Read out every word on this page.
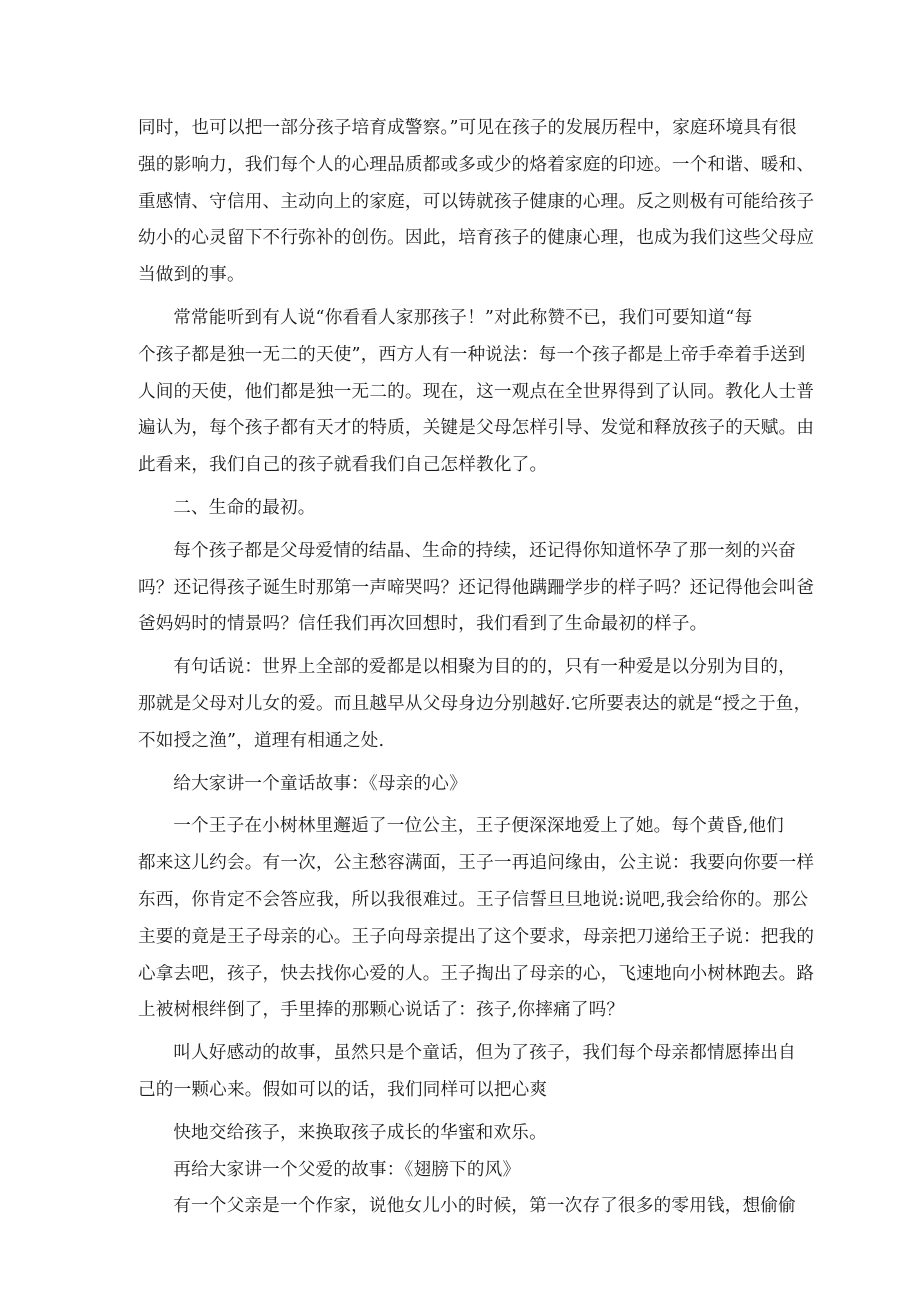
同时，也可以把一部分孩子培育成警察。”可见在孩子的发展历程中，家庭环境具有很
强的影响力，我们每个人的心理品质都或多或少的烙着家庭的印迹。一个和谐、暖和、
重感情、守信用、主动向上的家庭，可以铸就孩子健康的心理。反之则极有可能给孩子
幼小的心灵留下不行弥补的创伤。因此，培育孩子的健康心理，也成为我们这些父母应
当做到的事。
常常能听到有人说“你看看人家那孩子！”对此称赞不已，我们可要知道“每
个孩子都是独一无二的天使”，西方人有一种说法：每一个孩子都是上帝手牵着手送到
人间的天使，他们都是独一无二的。现在，这一观点在全世界得到了认同。教化人士普
遍认为，每个孩子都有天才的特质，关键是父母怎样引导、发觉和释放孩子的天赋。由
此看来，我们自己的孩子就看我们自己怎样教化了。
二、生命的最初。
每个孩子都是父母爱情的结晶、生命的持续，还记得你知道怀孕了那一刻的兴奋
吗？还记得孩子诞生时那第一声啼哭吗？还记得他蹒跚学步的样子吗？还记得他会叫爸
爸妈妈时的情景吗？信任我们再次回想时，我们看到了生命最初的样子。
有句话说：世界上全部的爱都是以相聚为目的的，只有一种爱是以分别为目的，
那就是父母对儿女的爱。而且越早从父母身边分别越好.它所要表达的就是“授之于鱼，
不如授之渔”，道理有相通之处.
给大家讲一个童话故事：《母亲的心》
一个王子在小树林里邂逅了一位公主，王子便深深地爱上了她。每个黄昏,他们
都来这儿约会。有一次，公主愁容满面，王子一再追问缘由，公主说：我要向你要一样
东西，你肯定不会答应我，所以我很难过。王子信誓旦旦地说:说吧,我会给你的。那公
主要的竟是王子母亲的心。王子向母亲提出了这个要求，母亲把刀递给王子说：把我的
心拿去吧，孩子，快去找你心爱的人。王子掏出了母亲的心，飞速地向小树林跑去。路
上被树根绊倒了，手里捧的那颗心说话了：孩子,你摔痛了吗？
叫人好感动的故事，虽然只是个童话，但为了孩子，我们每个母亲都情愿捧出自
己的一颗心来。假如可以的话，我们同样可以把心爽
快地交给孩子，来换取孩子成长的华蜜和欢乐。
再给大家讲一个父爱的故事：《翅膀下的风》
有一个父亲是一个作家，说他女儿小的时候，第一次存了很多的零用钱，想偷偷
